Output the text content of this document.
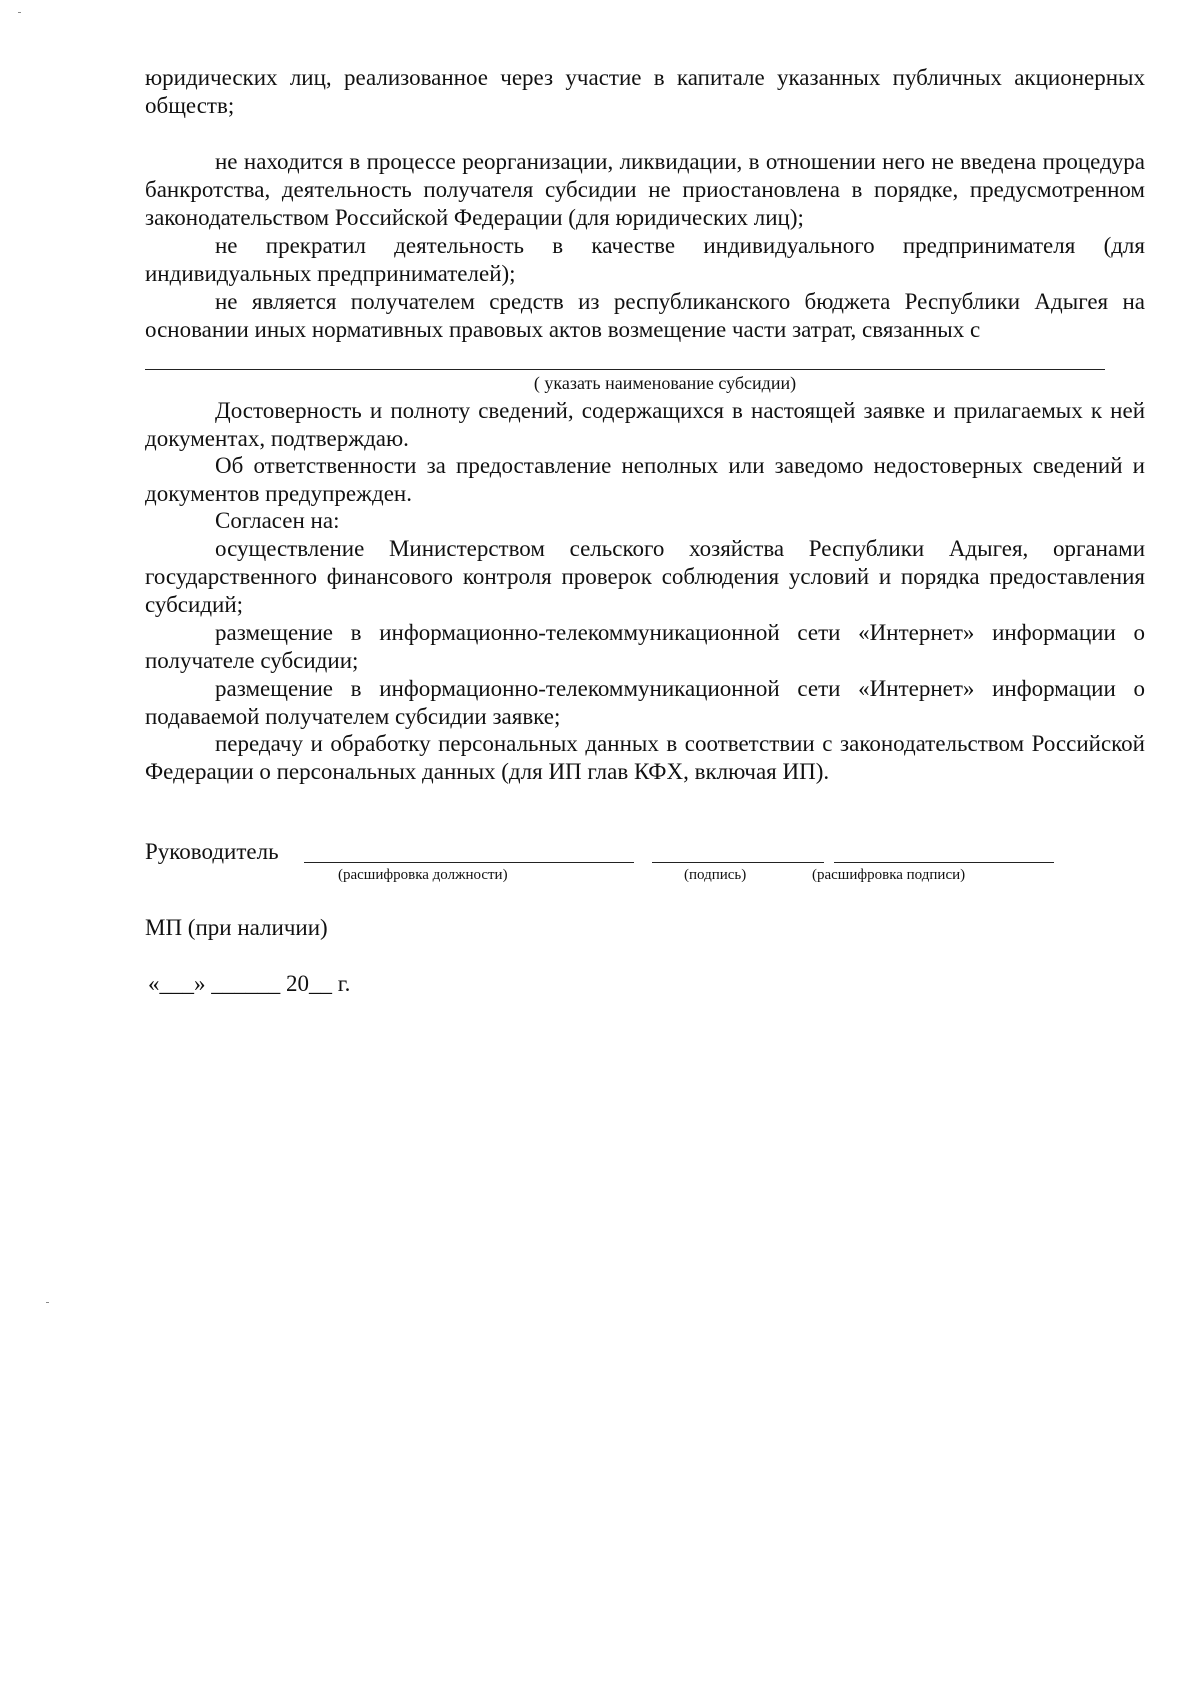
юридических лиц, реализованное через участие в капитале указанных публичных акционерных обществ;
не находится в процессе реорганизации, ликвидации, в отношении него не введена процедура банкротства, деятельность получателя субсидии не приостановлена в порядке, предусмотренном законодательством Российской Федерации (для юридических лиц);
не прекратил деятельность в качестве индивидуального предпринимателя (для индивидуальных предпринимателей);
не является получателем средств из республиканского бюджета Республики Адыгея на основании иных нормативных правовых актов возмещение части затрат, связанных с
( указать наименование субсидии)
Достоверность и полноту сведений, содержащихся в настоящей заявке и прилагаемых к ней документах, подтверждаю.
Об ответственности за предоставление неполных или заведомо недостоверных сведений и документов предупрежден.
Согласен на:
осуществление Министерством сельского хозяйства Республики Адыгея, органами государственного финансового контроля проверок соблюдения условий и порядка предоставления субсидий;
размещение в информационно-телекоммуникационной сети «Интернет» информации о получателе субсидии;
размещение в информационно-телекоммуникационной сети «Интернет» информации о подаваемой получателем субсидии заявке;
передачу и обработку персональных данных в соответствии с законодательством Российской Федерации о персональных данных (для ИП глав КФХ, включая ИП).
Руководитель
(расшифровка должности)	(подпись)	(расшифровка подписи)
МП (при наличии)
«___» ______ 20__ г.
